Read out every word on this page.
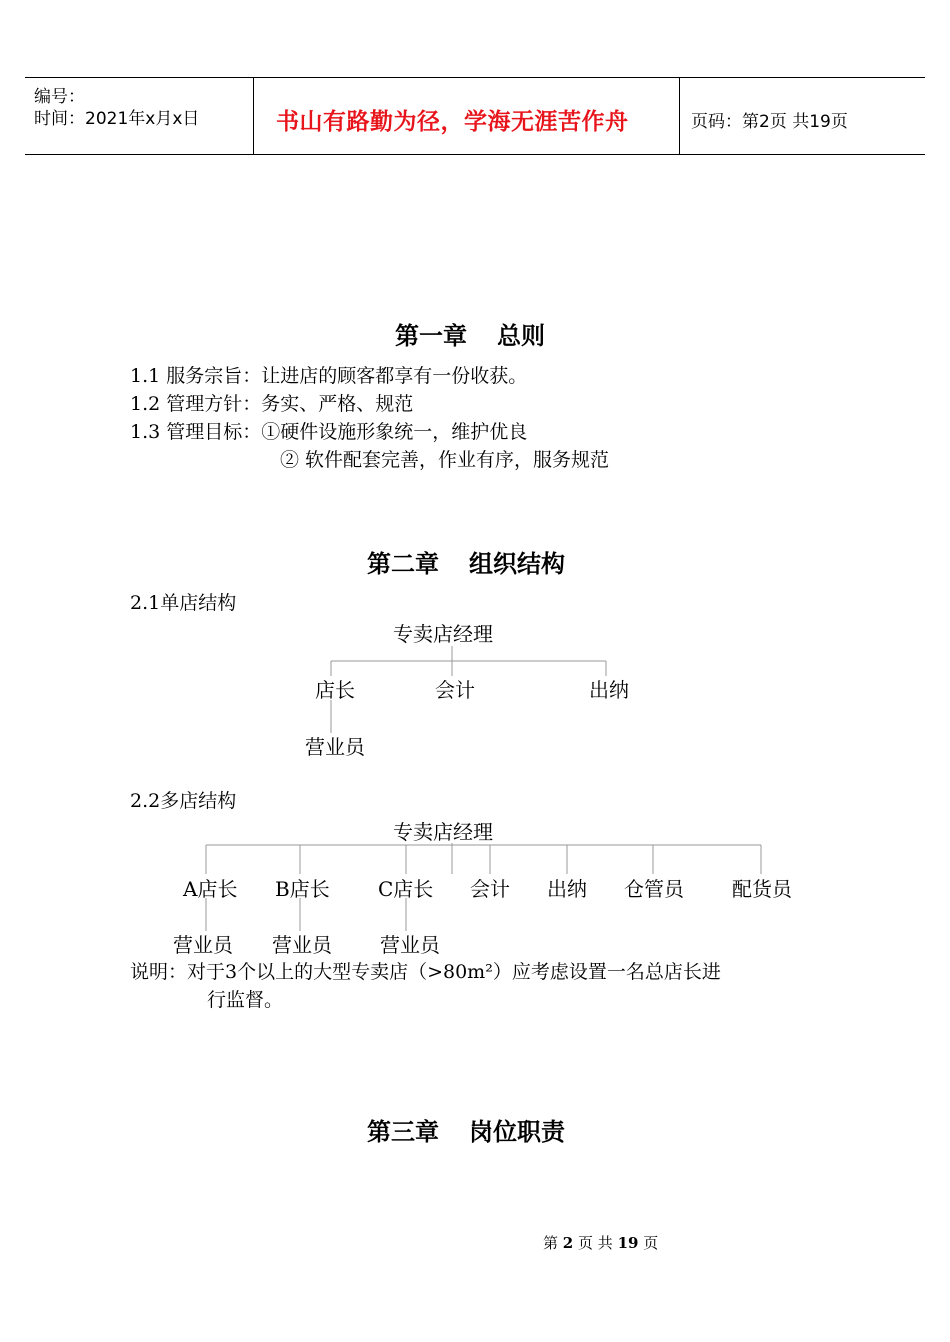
编号：
时间：2021年x月x日	书山有路勤为径，学海无涯苦作舟	页码：第2页 共19页
第一章 总则
1.1 服务宗旨：让进店的顾客都享有一份收获。
1.2 管理方针：务实、严格、规范
1.3 管理目标：①硬件设施形象统一，维护优良
② 软件配套完善，作业有序，服务规范
第二章 组织结构
2.1单店结构
专卖店经理
店长	会计	出纳
营业员
2.2多店结构
专卖店经理
A店长 B店长 C店长 会计 出纳 仓管员 配货员
营业员 营业员 营业员
说明：对于3个以上的大型专卖店（>80m²）应考虑设置一名总店长进
行监督。
第三章 岗位职责
第 2 页 共 19 页
